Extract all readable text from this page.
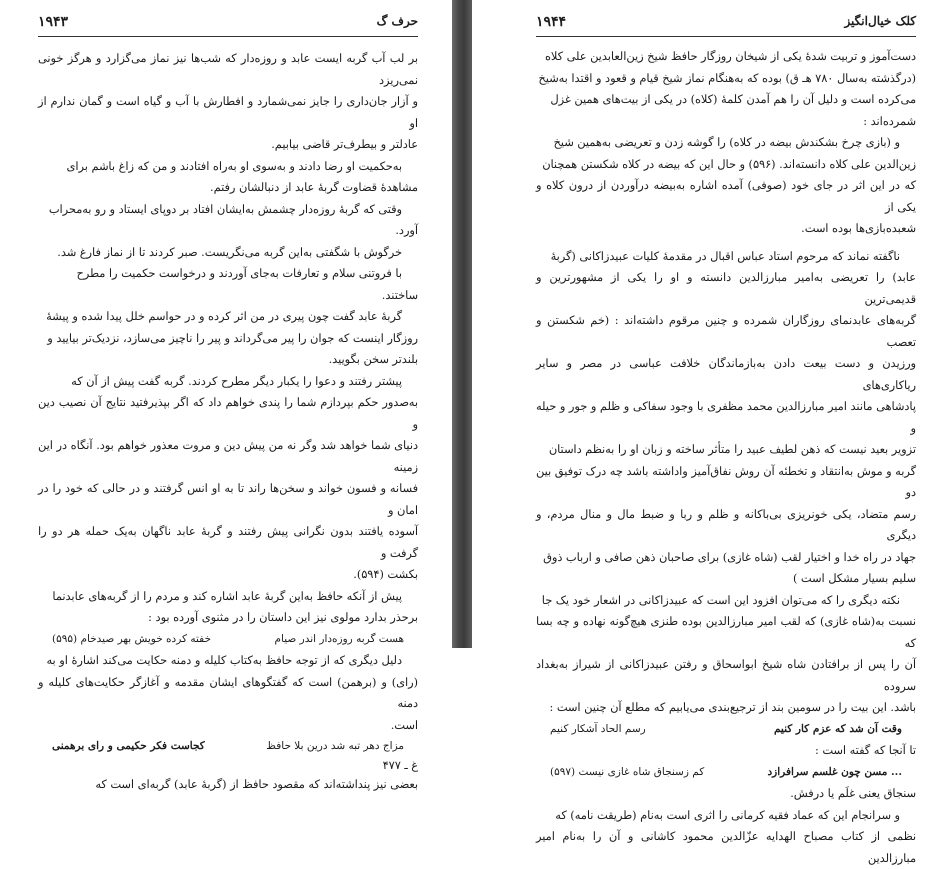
حرف گ
۱۹۴۳

بر لب آب گربه ایست عابد و روزه‌دار که شب‌ها نیز نماز می‌گزارد و هرگز خونی نمی‌ریزد

و آزار جان‌داری را جایز نمی‌شمارد و افطارش با آب و گیاه است و گمان ندارم از او

عادلتر و بیطرف‌تر قاضی بیابیم.

به‌حکمیت او رضا دادند و به‌سوی او به‌راه افتادند و من که زاغ باشم برای

مشاهدهٔ قضاوت گربهٔ عابد از دنبالشان رفتم.

وقتی که گربهٔ روزه‌دار چشمش به‌ایشان افتاد بر دوپای ایستاد و رو به‌محراب

آورد.

خرگوش با شگفتی به‌این گربه می‌نگریست. صبر کردند تا از نماز فارغ شد.

با فروتنی سلام و تعارفات به‌جای آوردند و درخواست حکمیت را مطرح

ساختند.

گربهٔ عابد گفت چون پیری در من اثر کرده و در حواسم خلل پیدا شده و پیشهٔ

روزگار اینست که جوان را پیر می‌گرداند و پیر را ناچیز می‌سازد، نزدیک‌تر بیایید و

بلندتر سخن بگویید.

پیشتر رفتند و دعوا را یکبار دیگر مطرح کردند. گربه گفت پیش از آن که

به‌صدور حکم بپردازم شما را پندی خواهم داد که اگر بپذیرفتید نتایج آن نصیب دین و

دنیای شما خواهد شد وگر نه من پیش دین و مروت معذور خواهم بود. آنگاه در این زمینه

فسانه و فسون خواند و سخن‌ها راند تا به او انس گرفتند و در حالی که خود را در امان و

آسوده یافتند بدون نگرانی پیش رفتند و گربهٔ عابد ناگهان به‌یک حمله هر دو را گرفت و

بکشت (۵۹۴).

پیش از آنکه حافظ به‌این گربهٔ عابد اشاره کند و مردم را از گربه‌های عابدنما

برحذر بدارد مولوی نیز این داستان را در مثنوی آورده بود :

هست گربه روزه‌دار اندر صیام
خفته کرده خویش بهر صیدخام (۵۹۵)

دلیل دیگری که از توجه حافظ به‌کتاب کلیله و دمنه حکایت می‌کند اشارهٔ او به

(رای) و (برهمن) است که گفتگوهای ایشان مقدمه و آغازگر حکایت‌های کلیله و دمنه

است.

مزاج دهر تبه شد درین بلا حافظ
کجاست فکر حکیمی و رای برهمنی

غ ـ ۴۷۷

بعضی نیز پنداشته‌اند که مقصود حافظ از (گربهٔ عابد) گربه‌ای است که

کلک خیال‌انگیز
۱۹۴۴

دست‌آموز و تربیت شدهٔ یکی از شیخان روزگار حافظ شیخ زین‌العابدین علی کلاه

(درگذشته به‌سال ۷۸۰ هـ ق) بوده که به‌هنگام نماز شیخ قیام و قعود و اقتدا به‌شیخ

می‌کرده است و دلیل آن را هم آمدن کلمهٔ (کلاه) در یکی از بیت‌های همین غزل

شمرده‌اند :

و (بازی چرخ بشکندش بیضه در کلاه) را گوشه زدن و تعریضی به‌همین شیخ

زین‌الدین علی کلاه دانسته‌اند. (۵۹۶) و حال این که بیضه در کلاه شکستن همچنان

که در این اثر در جای خود (صوفی) آمده اشاره به‌بیضه درآوردن از درون کلاه و یکی از

شعبده‌بازی‌ها بوده است.

ناگفته نماند که مرحوم استاد عباس اقبال در مقدمهٔ کلیات عبیدزاکانی (گربهٔ

عابد) را تعریضی به‌امیر مبارزالدین دانسته و او را یکی از مشهورترین و قدیمی‌ترین

گربه‌های عابدنمای روزگاران شمرده و چنین مرقوم داشته‌اند : (خم شکستن و تعصب

ورزیدن و دست بیعت دادن به‌بازماندگان خلافت عباسی در مصر و سایر ریاکاری‌های

پادشاهی مانند امیر مبارزالدین محمد مظفری با وجود سفاکی و ظلم و جور و حیله و

تزویر بعید نیست که ذهن لطیف عبید را متأثر ساخته و زبان او را به‌نظم داستان

گربه و موش به‌انتقاد و تخطئه آن روش نفاق‌آمیز واداشته باشد چه درک توفیق بین دو

رسم متضاد، یکی خونریزی بی‌باکانه و ظلم و ربا و ضبط مال و منال مردم، و دیگری

جهاد در راه خدا و اختیار لقب (شاه غازی) برای صاحبان ذهن صافی و ارباب ذوق

سلیم بسیار مشکل است )

نکته دیگری را که می‌توان افزود این است که عبیدزاکانی در اشعار خود یک جا

نسبت به(شاه غازی) که لقب امیر مبارزالدین بوده طنزی هیچ‌گونه نهاده و چه بسا که

آن را پس از برافتادن شاه شیخ ابواسحاق و رفتن عبیدزاکانی از شیراز به‌بغداد سروده

باشد. این بیت را در سومین بند از ترجیع‌بندی می‌یابیم که مطلع آن چنین است :

وقت آن شد که عزم کار کنیم
رسم الحاد آشکار کنیم

تا آنجا که گفته است :

... مسن چون غلسم سرافرازد
کم زسنجاق شاه غازی نیست (۵۹۷)

سنجاق یعنی غلَم یا درفش.

و سرانجام این که عماد فقیه کرمانی را اثری است به‌نام (طریقت نامه) که

نظمی از کتاب مصباح الهدایه عزّالدین محمود کاشانی و آن را به‌نام امیر مبارزالدین
